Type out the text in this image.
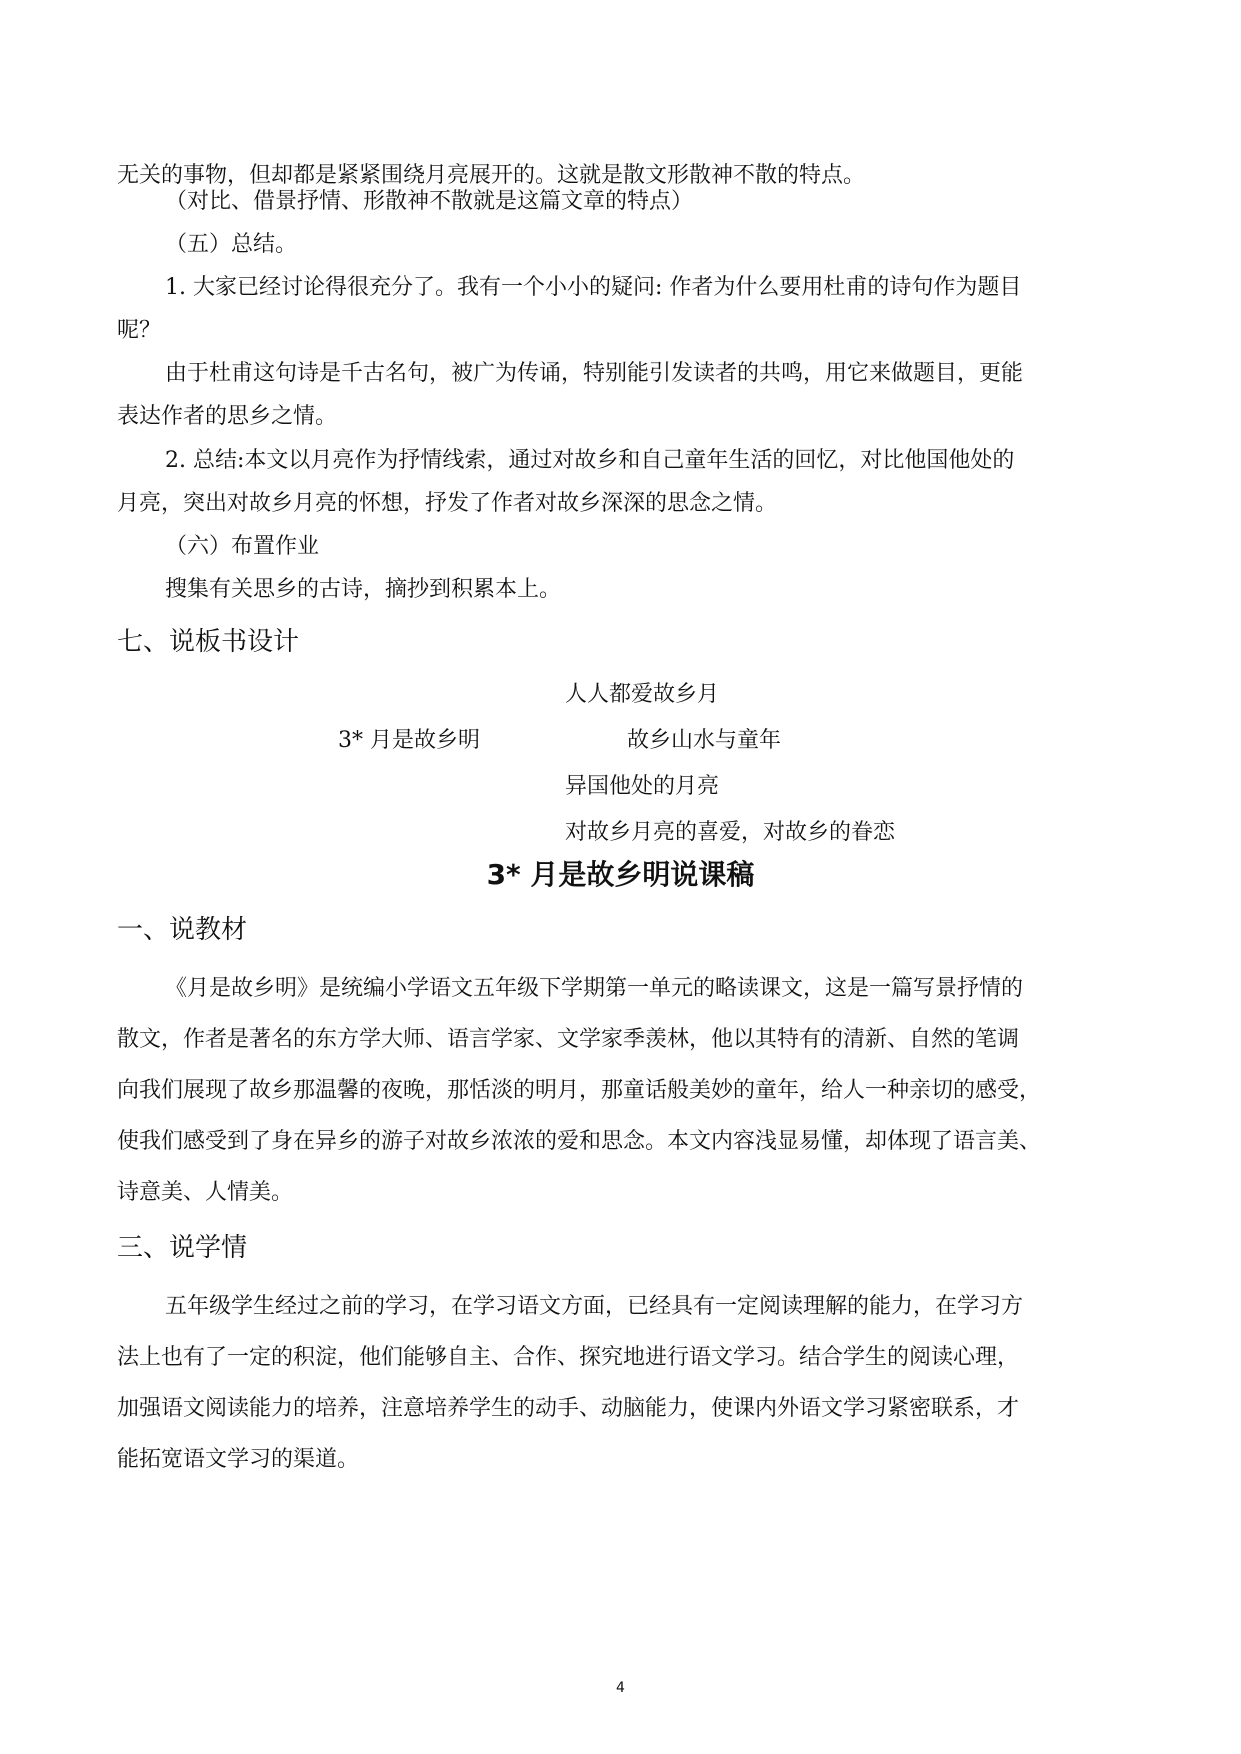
无关的事物，但却都是紧紧围绕月亮展开的。这就是散文形散神不散的特点。

（对比、借景抒情、形散神不散就是这篇文章的特点）

（五）总结。

1. 大家已经讨论得很充分了。我有一个小小的疑问: 作者为什么要用杜甫的诗句作为题目

呢？

由于杜甫这句诗是千古名句，被广为传诵，特别能引发读者的共鸣，用它来做题目，更能

表达作者的思乡之情。

2. 总结:本文以月亮作为抒情线索，通过对故乡和自己童年生活的回忆，对比他国他处的

月亮，突出对故乡月亮的怀想，抒发了作者对故乡深深的思念之情。

（六）布置作业

搜集有关思乡的古诗，摘抄到积累本上。

七、说板书设计

人人都爱故乡月

3* 月是故乡明	故乡山水与童年

异国他处的月亮

对故乡月亮的喜爱，对故乡的眷恋

3* 月是故乡明说课稿
一、说教材

《月是故乡明》是统编小学语文五年级下学期第一单元的略读课文，这是一篇写景抒情的

散文，作者是著名的东方学大师、语言学家、文学家季羡林，他以其特有的清新、自然的笔调

向我们展现了故乡那温馨的夜晚，那恬淡的明月，那童话般美妙的童年，给人一种亲切的感受，

使我们感受到了身在异乡的游子对故乡浓浓的爱和思念。本文内容浅显易懂，却体现了语言美、

诗意美、人情美。

三、说学情

五年级学生经过之前的学习，在学习语文方面，已经具有一定阅读理解的能力，在学习方

法上也有了一定的积淀，他们能够自主、合作、探究地进行语文学习。结合学生的阅读心理，

加强语文阅读能力的培养，注意培养学生的动手、动脑能力，使课内外语文学习紧密联系，才

能拓宽语文学习的渠道。

4
